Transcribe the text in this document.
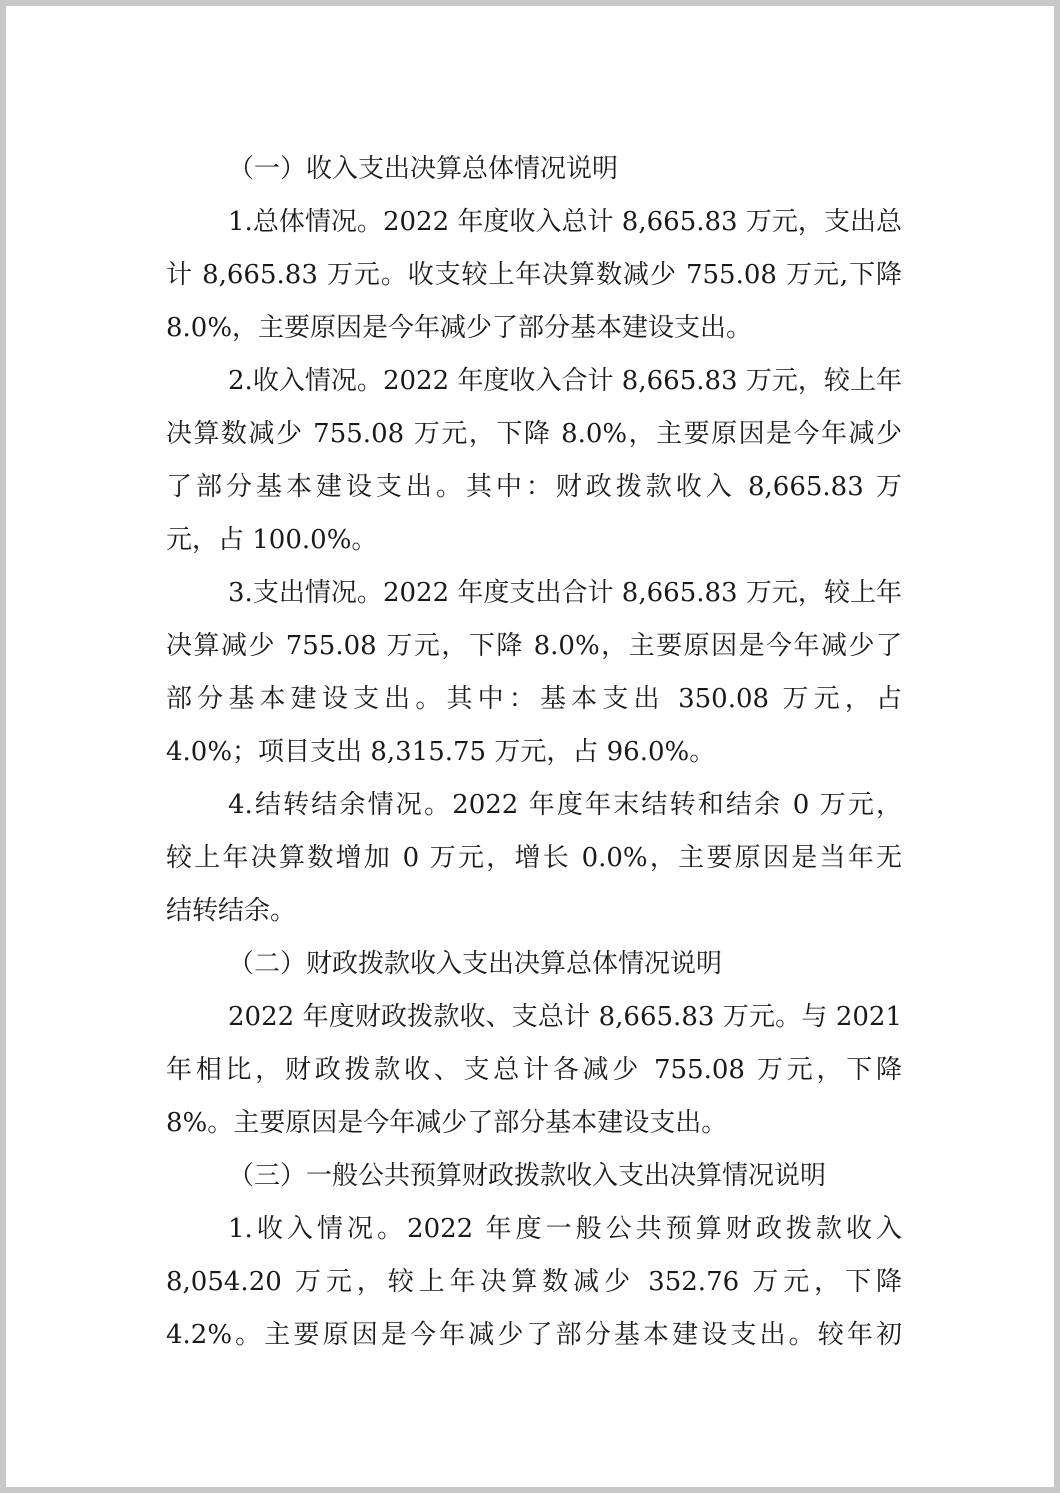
（一）收入支出决算总体情况说明

1.总体情况。2022 年度收入总计 8,665.83 万元，支出总

计 8,665.83 万元。收支较上年决算数减少 755.08 万元,下降

8.0%，主要原因是今年减少了部分基本建设支出。

2.收入情况。2022 年度收入合计 8,665.83 万元，较上年

决算数减少 755.08 万元，下降 8.0%，主要原因是今年减少

了部分基本建设支出。其中：财政拨款收入 8,665.83 万

元，占 100.0%。

3.支出情况。2022 年度支出合计 8,665.83 万元，较上年

决算减少 755.08 万元，下降 8.0%，主要原因是今年减少了

部分基本建设支出。其中：基本支出 350.08 万元，占

4.0%；项目支出 8,315.75 万元，占 96.0%。

4.结转结余情况。2022 年度年末结转和结余 0 万元，

较上年决算数增加 0 万元，增长 0.0%，主要原因是当年无

结转结余。

（二）财政拨款收入支出决算总体情况说明

2022 年度财政拨款收、支总计 8,665.83 万元。与 2021

年相比，财政拨款收、支总计各减少 755.08 万元，下降

8%。主要原因是今年减少了部分基本建设支出。

（三）一般公共预算财政拨款收入支出决算情况说明

1.收入情况。2022 年度一般公共预算财政拨款收入

8,054.20 万元，较上年决算数减少 352.76 万元，下降

4.2%。主要原因是今年减少了部分基本建设支出。较年初
